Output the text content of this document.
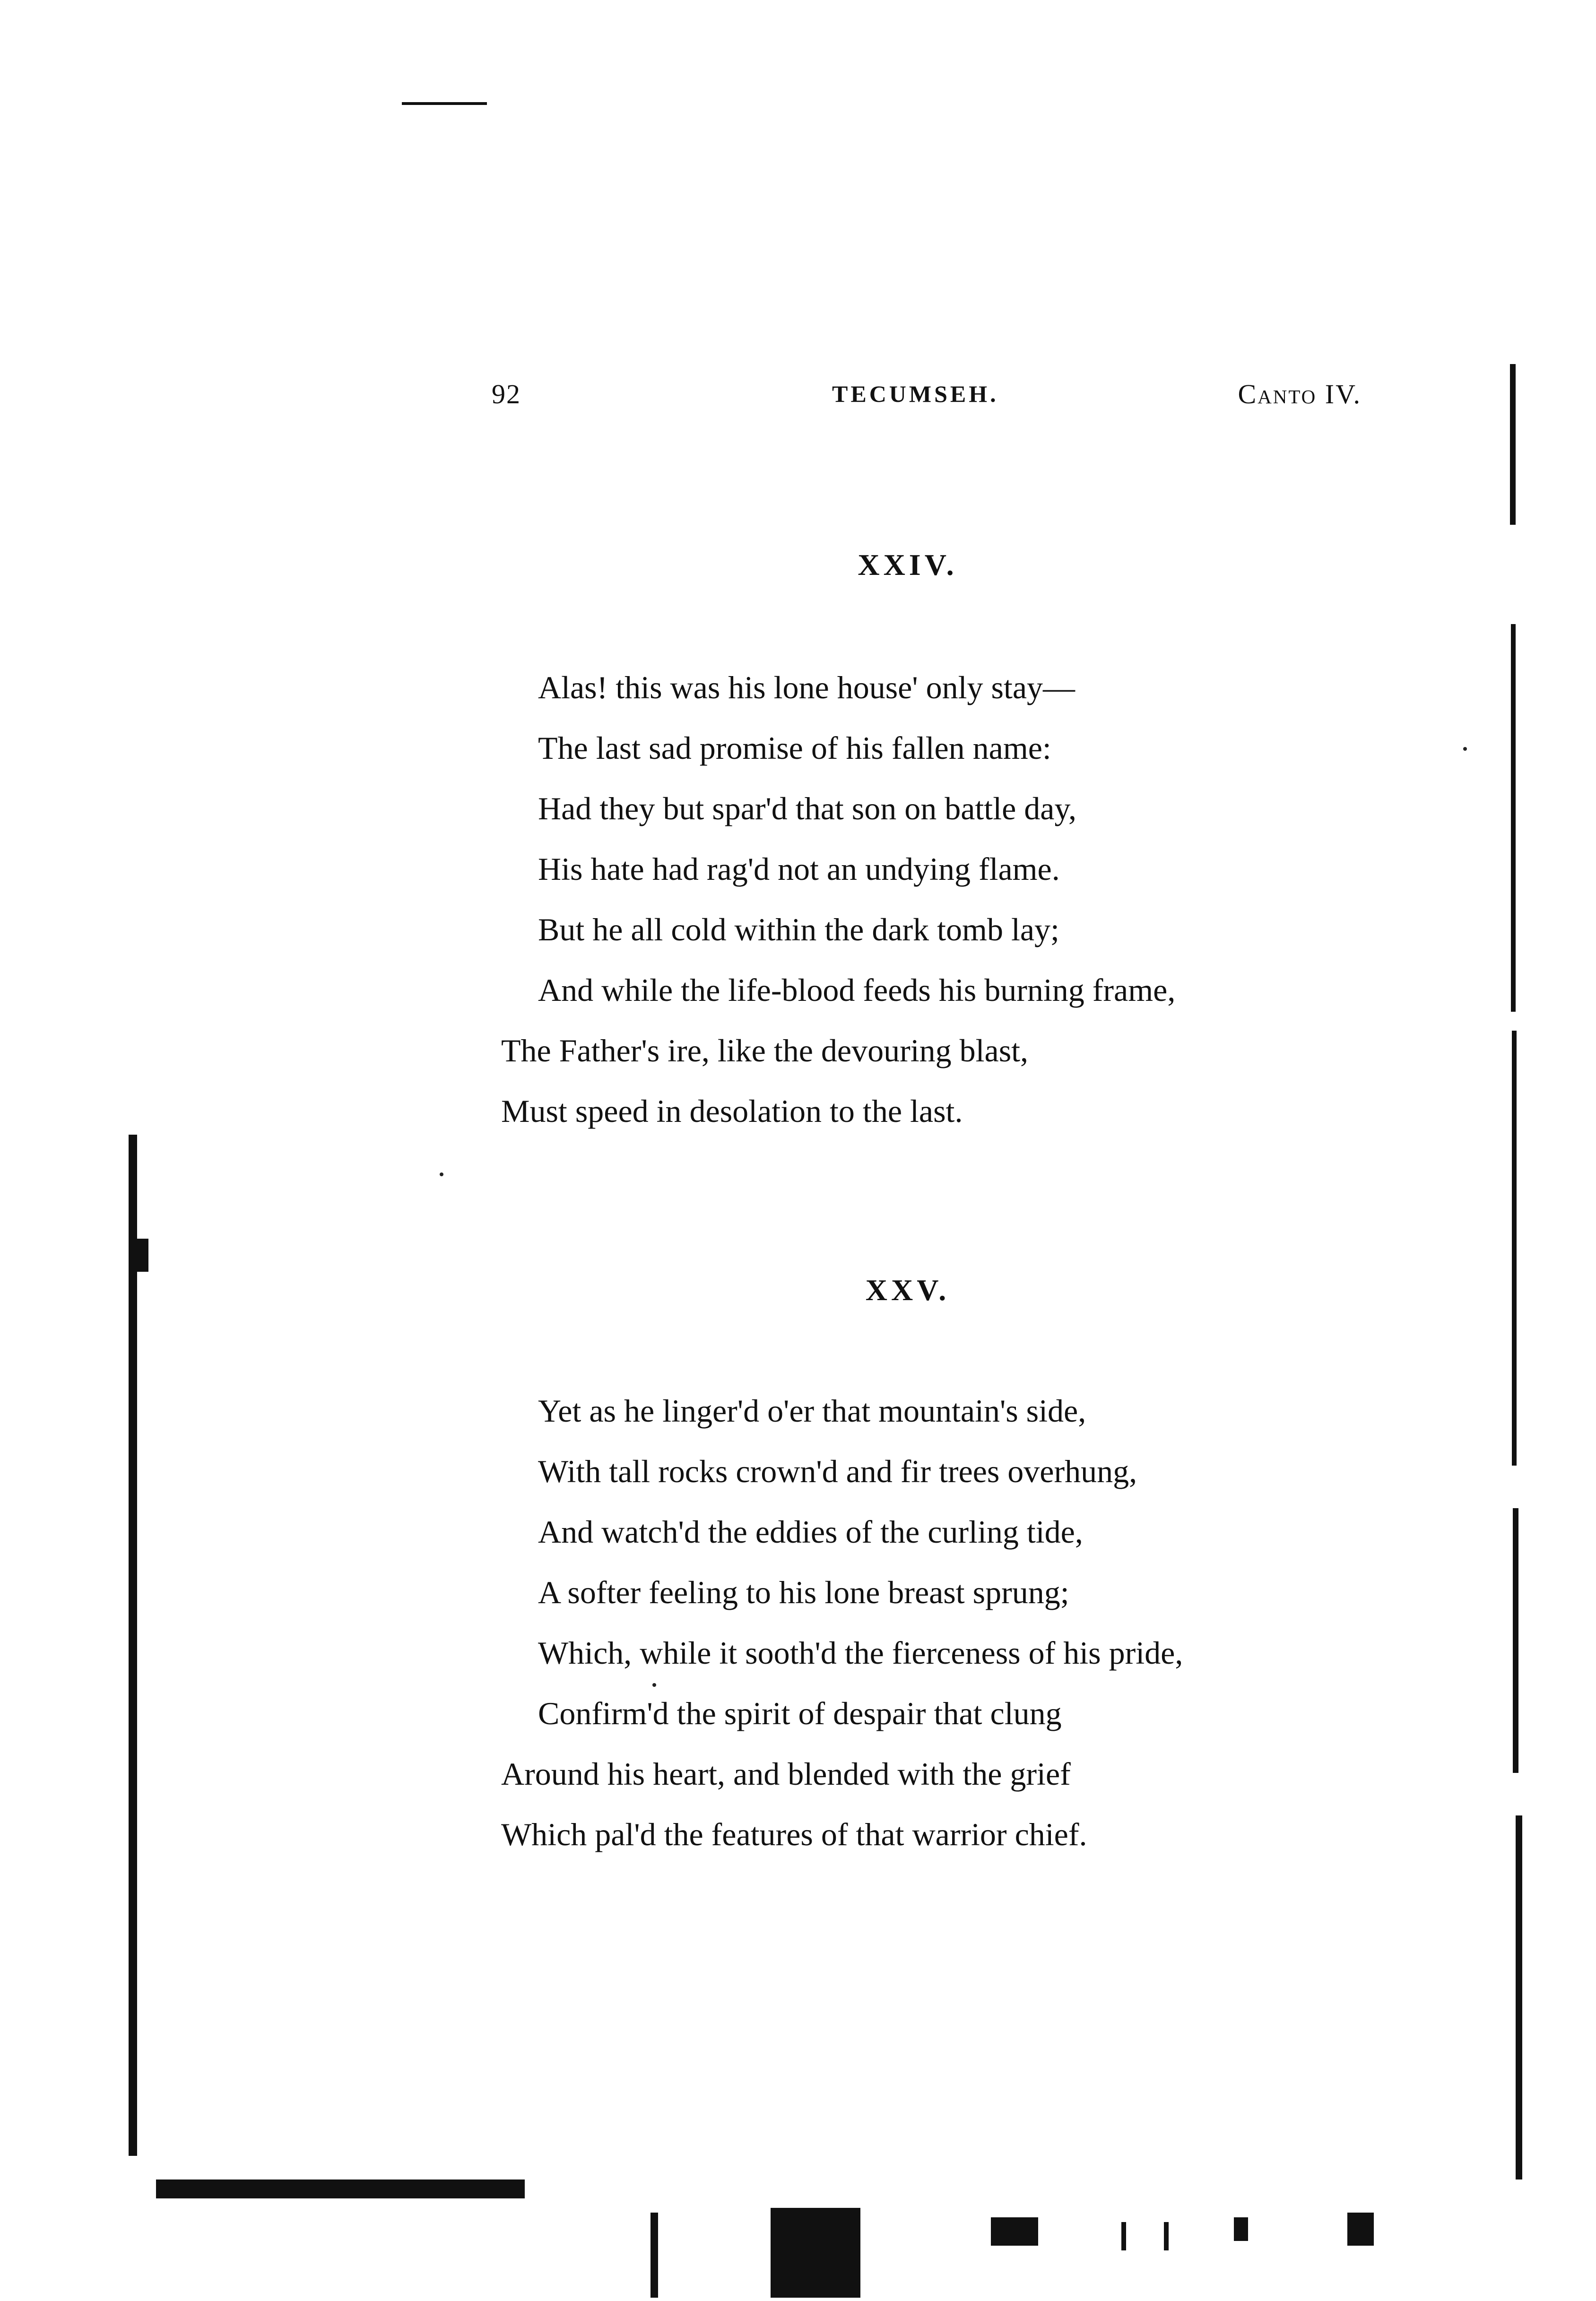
92	TECUMSEH.	Canto IV.
XXIV.
Alas! this was his lone house' only stay—
The last sad promise of his fallen name:
Had they but spar'd that son on battle day,
His hate had rag'd not an undying flame.
But he all cold within the dark tomb lay;
And while the life-blood feeds his burning frame,
The Father's ire, like the devouring blast,
Must speed in desolation to the last.
XXV.
Yet as he linger'd o'er that mountain's side,
With tall rocks crown'd and fir trees overhung,
And watch'd the eddies of the curling tide,
A softer feeling to his lone breast sprung;
Which, while it sooth'd the fierceness of his pride,
Confirm'd the spirit of despair that clung
Around his heart, and blended with the grief
Which pal'd the features of that warrior chief.
